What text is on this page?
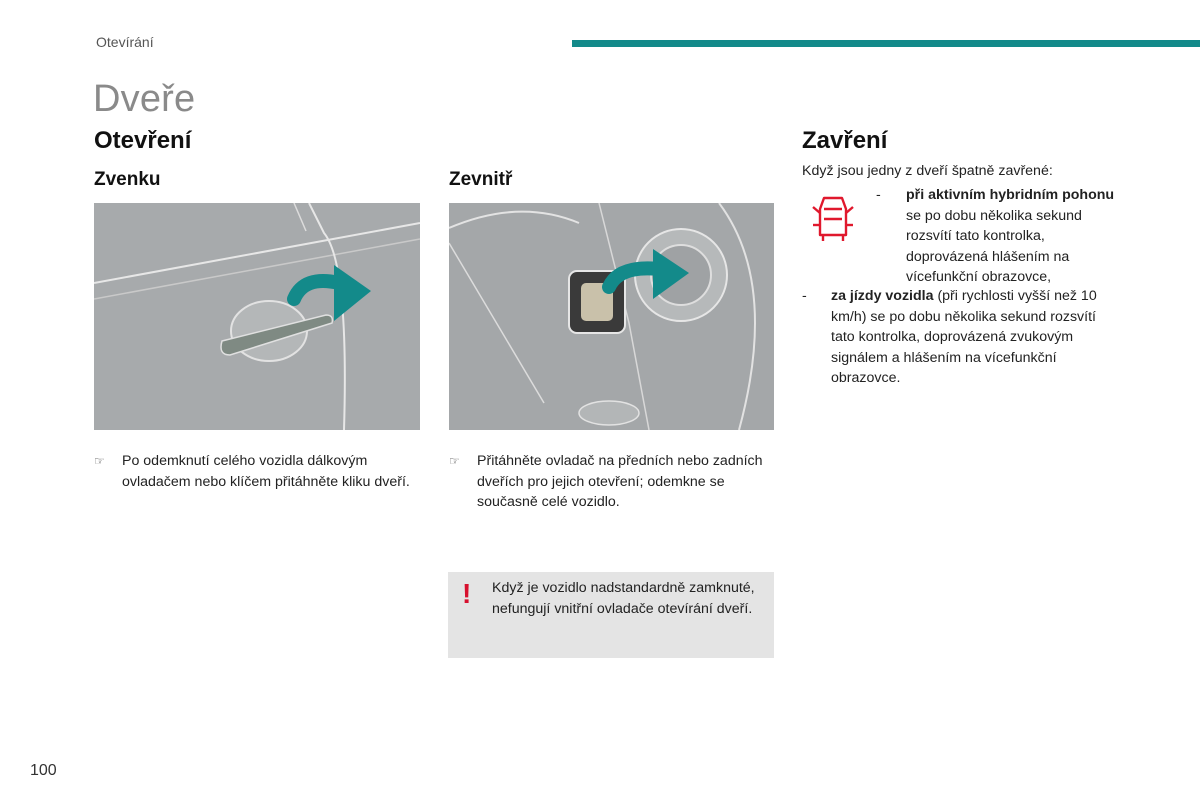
Otevírání
Dveře
Otevření
Zvenku	Zevnitř
☞	Po odemknutí celého vozidla dálkovým ovladačem nebo klíčem přitáhněte kliku dveří.
☞	Přitáhněte ovladač na předních nebo zadních dveřích pro jejich otevření; odemkne se současně celé vozidlo.
! Když je vozidlo nadstandardně zamknuté, nefungují vnitřní ovladače otevírání dveří.
Zavření
Když jsou jedny z dveří špatně zavřené:
-	při aktivním hybridním pohonu se po dobu několika sekund rozsvítí tato kontrolka, doprovázená hlášením na vícefunkční obrazovce,
-	za jízdy vozidla (při rychlosti vyšší než 10 km/h) se po dobu několika sekund rozsvítí tato kontrolka, doprovázená zvukovým signálem a hlášením na vícefunkční obrazovce.
100
